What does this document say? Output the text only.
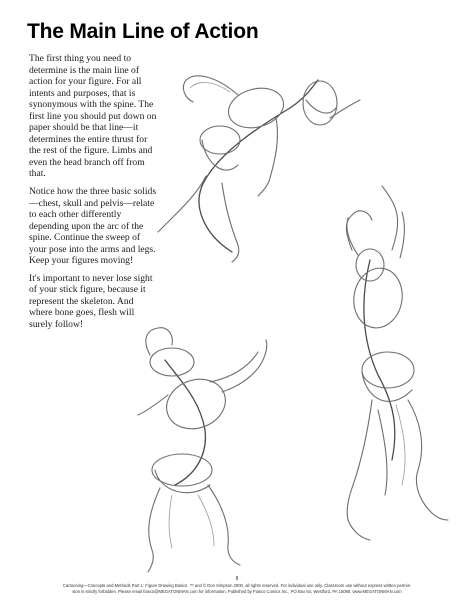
The Main Line of Action

The first thing you need to determine is the main line of action for your figure. For all intents and purposes, that is synonymous with the spine. The first line you should put down on paper should be that line—it determines the entire thrust for the rest of the figure. Limbs and even the head branch off from that.

Notice how the three basic solids—chest, skull and pelvis—relate to each other differently depending upon the arc of the spine. Continue the sweep of your pose into the arms and legs. Keep your figures moving!

It's important to never lose sight of your stick figure, because it represent the skeleton. And where bone goes, flesh will surely follow!

8
Cartooning—Concepts and Methods Part 1: Figure Drawing Basics. ™ and © Don Simpson 2000, all rights reserved. For individual use only. Classroom use without express written permis-
sion is strictly forbidden. Please email fiasco@MEGATONMAN.com for information. Published by Fiasco Comics Inc., PO Box 64, Westford, PA 15090. www.MEGATONMAN.com
